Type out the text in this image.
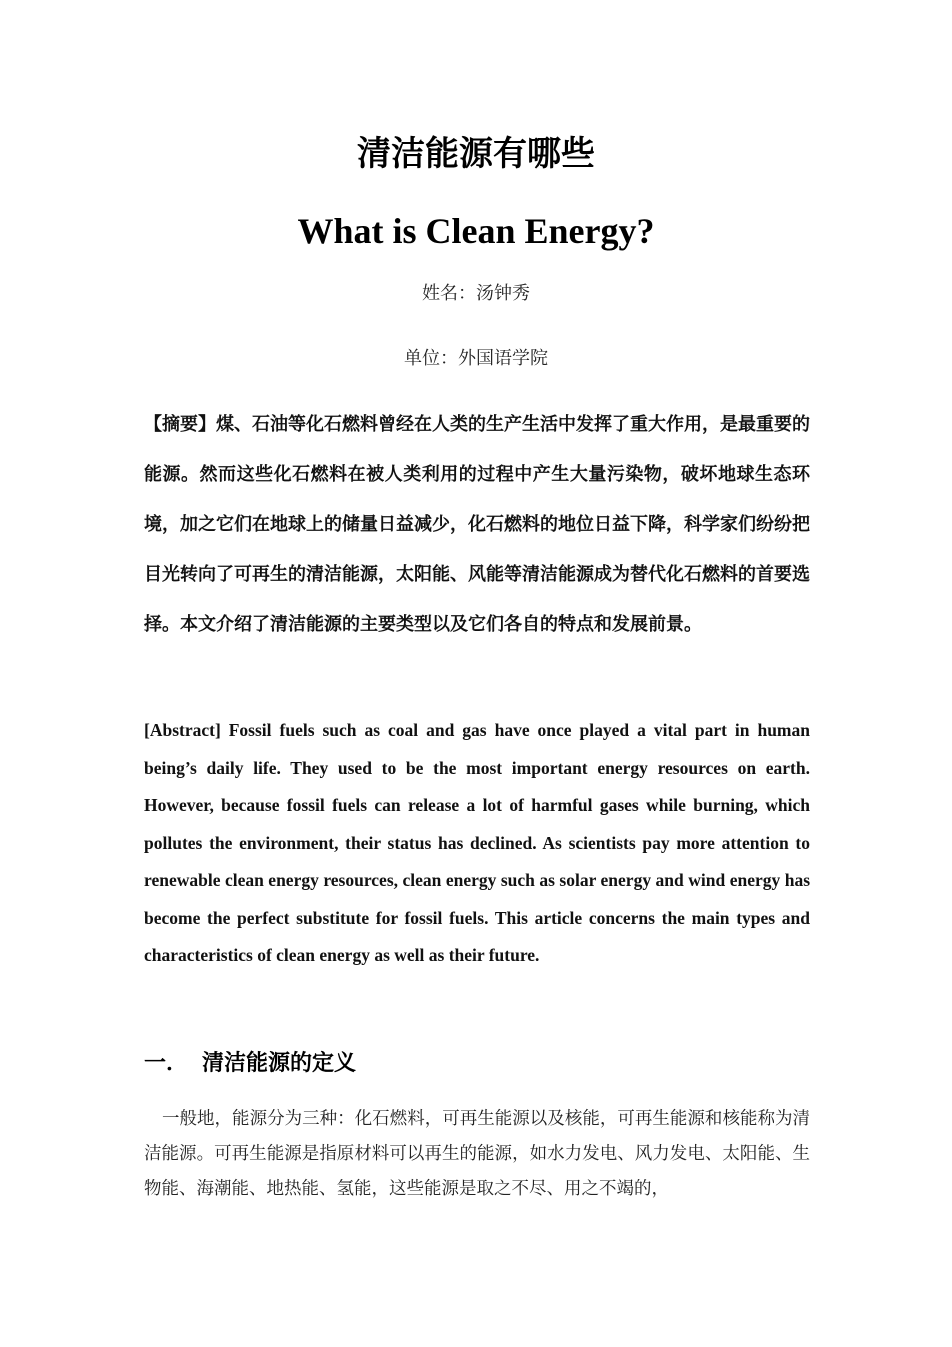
清洁能源有哪些
What is Clean Energy?
姓名：汤钟秀
单位：外国语学院

【摘要】煤、石油等化石燃料曾经在人类的生产生活中发挥了重大作用，是最重要的能源。然而这些化石燃料在被人类利用的过程中产生大量污染物，破坏地球生态环境，加之它们在地球上的储量日益减少，化石燃料的地位日益下降，科学家们纷纷把目光转向了可再生的清洁能源，太阳能、风能等清洁能源成为替代化石燃料的首要选择。本文介绍了清洁能源的主要类型以及它们各自的特点和发展前景。

[Abstract] Fossil fuels such as coal and gas have once played a vital part in human being’s daily life. They used to be the most important energy resources on earth. However, because fossil fuels can release a lot of harmful gases while burning, which pollutes the environment, their status has declined. As scientists pay more attention to renewable clean energy resources, clean energy such as solar energy and wind energy has become the perfect substitute for fossil fuels. This article concerns the main types and characteristics of clean energy as well as their future.

一． 清洁能源的定义

一般地，能源分为三种：化石燃料，可再生能源以及核能，可再生能源和核能称为清洁能源。可再生能源是指原材料可以再生的能源，如水力发电、风力发电、太阳能、生物能、海潮能、地热能、氢能，这些能源是取之不尽、用之不竭的，
